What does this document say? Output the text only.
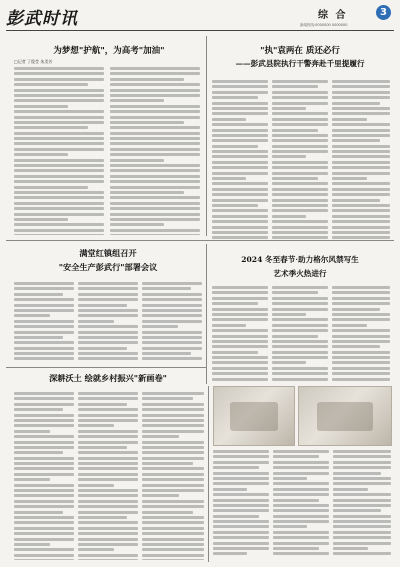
彭武时讯	综 合	3
新闻热线:0000000 0000000
为梦想"护航"，为高考"加油"
□记者 丁俊莹 朱美芳
"执"袁两在 质还必行
——彭武县院执行干警奔赴千里提履行
满堂红镇组召开
"安全生产彭武行"部署会议
2024 冬至春节·助力格尔风禁写生
艺术季火热进行
深耕沃土 绘就乡村振兴"新画卷"
